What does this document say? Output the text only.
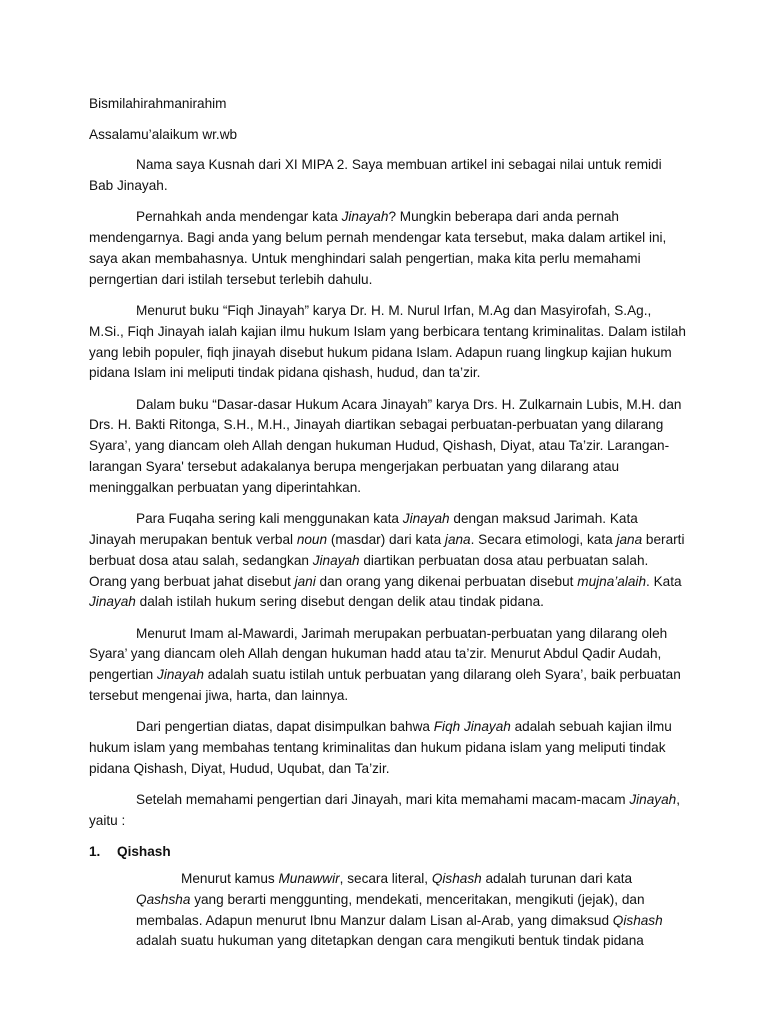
Bismilahirahmanirahim

Assalamu’alaikum wr.wb

Nama saya Kusnah dari XI MIPA 2. Saya membuan artikel ini sebagai nilai untuk remidi Bab Jinayah.

Pernahkah anda mendengar kata Jinayah? Mungkin beberapa dari anda pernah mendengarnya. Bagi anda yang belum pernah mendengar kata tersebut, maka dalam artikel ini, saya akan membahasnya. Untuk menghindari salah pengertian, maka kita perlu memahami perngertian dari istilah tersebut terlebih dahulu.

Menurut buku “Fiqh Jinayah” karya Dr. H. M. Nurul Irfan, M.Ag dan Masyirofah, S.Ag., M.Si., Fiqh Jinayah ialah kajian ilmu hukum Islam yang berbicara tentang kriminalitas. Dalam istilah yang lebih populer, fiqh jinayah disebut hukum pidana Islam. Adapun ruang lingkup kajian hukum pidana Islam ini meliputi tindak pidana qishash, hudud, dan ta’zir.

Dalam buku “Dasar-dasar Hukum Acara Jinayah” karya Drs. H. Zulkarnain Lubis, M.H. dan Drs. H. Bakti Ritonga, S.H., M.H., Jinayah diartikan sebagai perbuatan-perbuatan yang dilarang Syara’, yang diancam oleh Allah dengan hukuman Hudud, Qishash, Diyat, atau Ta’zir. Larangan-larangan Syara' tersebut adakalanya berupa mengerjakan perbuatan yang dilarang atau meninggalkan perbuatan yang diperintahkan.

Para Fuqaha sering kali menggunakan kata Jinayah dengan maksud Jarimah. Kata Jinayah merupakan bentuk verbal noun (masdar) dari kata jana. Secara etimologi, kata jana berarti berbuat dosa atau salah, sedangkan Jinayah diartikan perbuatan dosa atau perbuatan salah. Orang yang berbuat jahat disebut jani dan orang yang dikenai perbuatan disebut mujna’alaih. Kata Jinayah dalah istilah hukum sering disebut dengan delik atau tindak pidana.

Menurut Imam al-Mawardi, Jarimah merupakan perbuatan-perbuatan yang dilarang oleh Syara’ yang diancam oleh Allah dengan hukuman hadd atau ta’zir. Menurut Abdul Qadir Audah, pengertian Jinayah adalah suatu istilah untuk perbuatan yang dilarang oleh Syara’, baik perbuatan tersebut mengenai jiwa, harta, dan lainnya.

Dari pengertian diatas, dapat disimpulkan bahwa Fiqh Jinayah adalah sebuah kajian ilmu hukum islam yang membahas tentang kriminalitas dan hukum pidana islam yang meliputi tindak pidana Qishash, Diyat, Hudud, Uqubat, dan Ta’zir.

Setelah memahami pengertian dari Jinayah, mari kita memahami macam-macam Jinayah, yaitu :

1.	Qishash

Menurut kamus Munawwir, secara literal, Qishash adalah turunan dari kata Qashsha yang berarti menggunting, mendekati, menceritakan, mengikuti (jejak), dan membalas. Adapun menurut Ibnu Manzur dalam Lisan al-Arab, yang dimaksud Qishash adalah suatu hukuman yang ditetapkan dengan cara mengikuti bentuk tindak pidana
